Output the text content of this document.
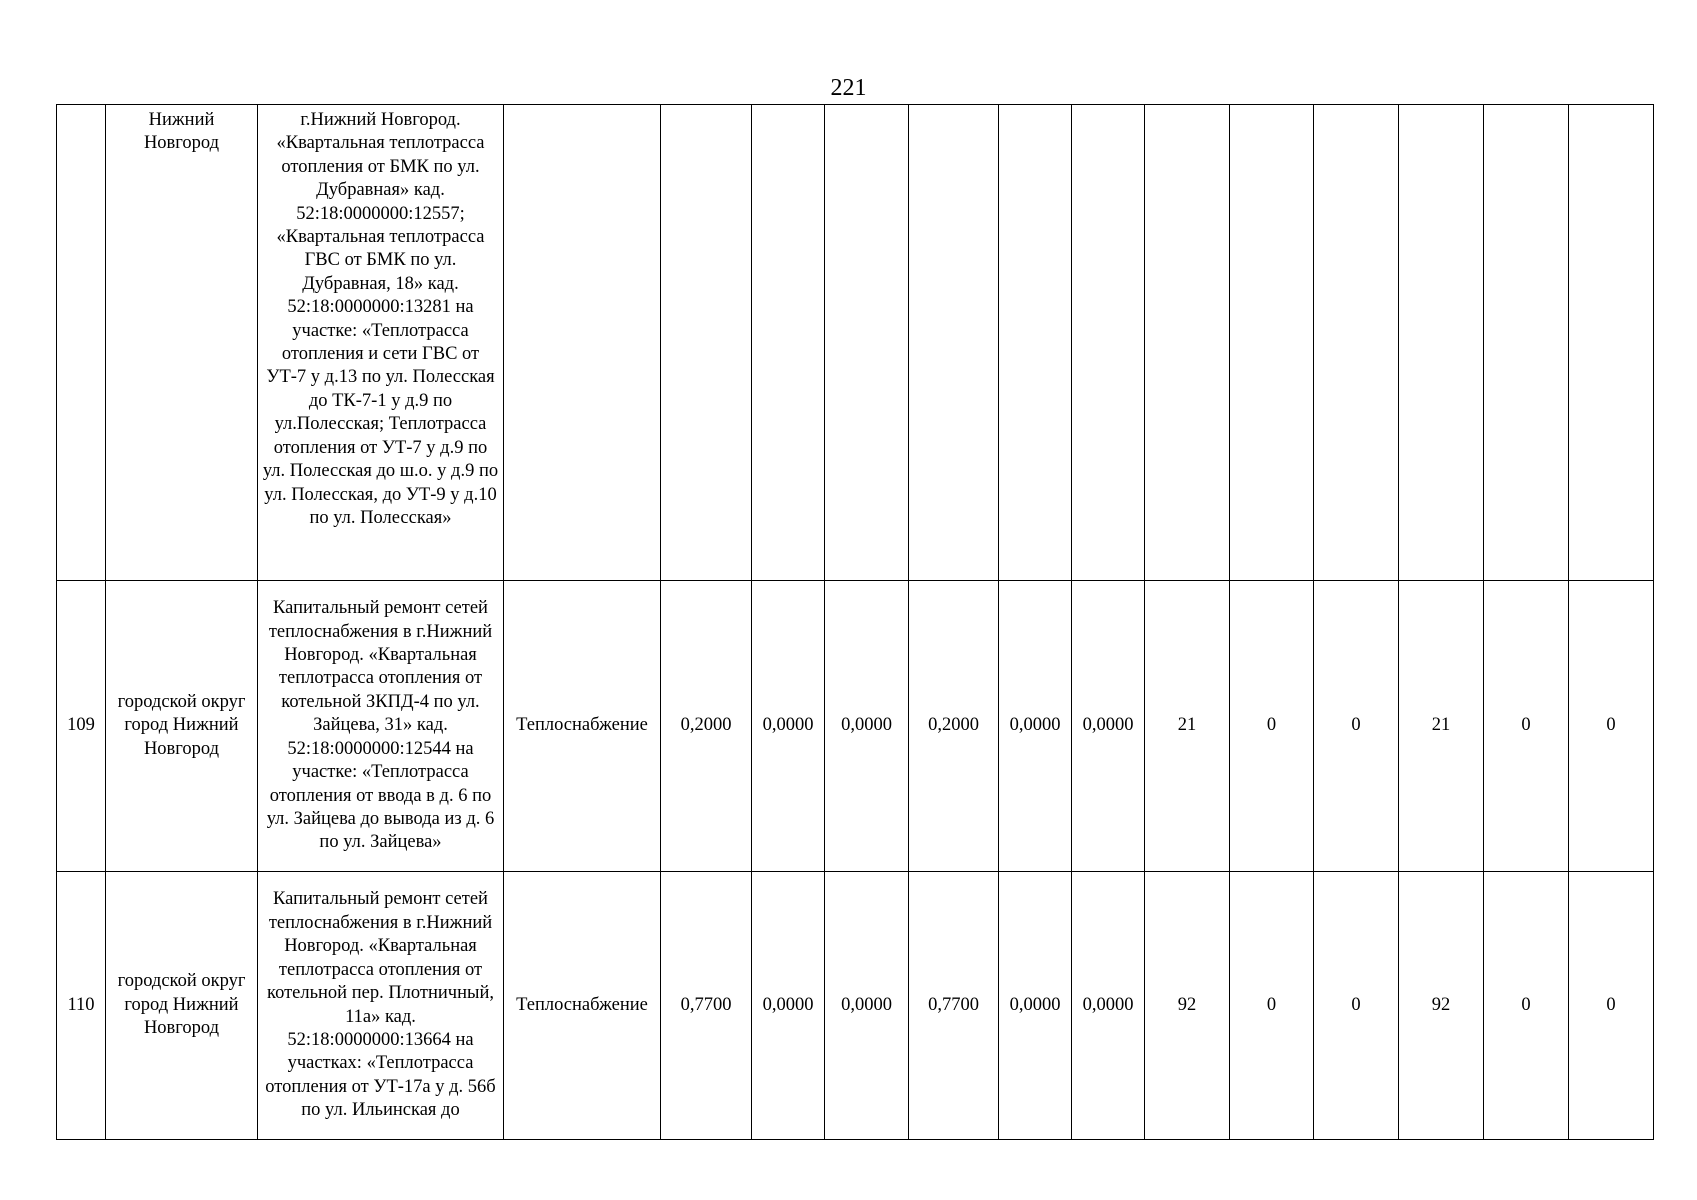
221
	Нижний Новгород	г.Нижний Новгород. «Квартальная теплотрасса отопления от БМК по ул. Дубравная» кад. 52:18:0000000:12557; «Квартальная теплотрасса ГВС от БМК по ул. Дубравная, 18» кад. 52:18:0000000:13281 на участке: «Теплотрасса отопления и сети ГВС от УТ-7 у д.13 по ул. Полесская до ТК-7-1 у д.9 по ул.Полесская; Теплотрасса отопления от УТ-7 у д.9 по ул. Полесская до ш.о. у д.9 по ул. Полесская, до УТ-9 у д.10 по ул. Полесская»													
109	городской округ город Нижний Новгород	Капитальный ремонт сетей теплоснабжения в г.Нижний Новгород. «Квартальная теплотрасса отопления от котельной ЗКПД-4 по ул. Зайцева, 31» кад. 52:18:0000000:12544 на участке: «Теплотрасса отопления от ввода в д. 6 по ул. Зайцева до вывода из д. 6 по ул. Зайцева»	Теплоснабжение	0,2000	0,0000	0,0000	0,2000	0,0000	0,0000	21	0	0	21	0	0
110	городской округ город Нижний Новгород	Капитальный ремонт сетей теплоснабжения в г.Нижний Новгород. «Квартальная теплотрасса отопления от котельной пер. Плотничный, 11а» кад. 52:18:0000000:13664 на участках: «Теплотрасса отопления от УТ-17а у д. 56б по ул. Ильинская до	Теплоснабжение	0,7700	0,0000	0,0000	0,7700	0,0000	0,0000	92	0	0	92	0	0
